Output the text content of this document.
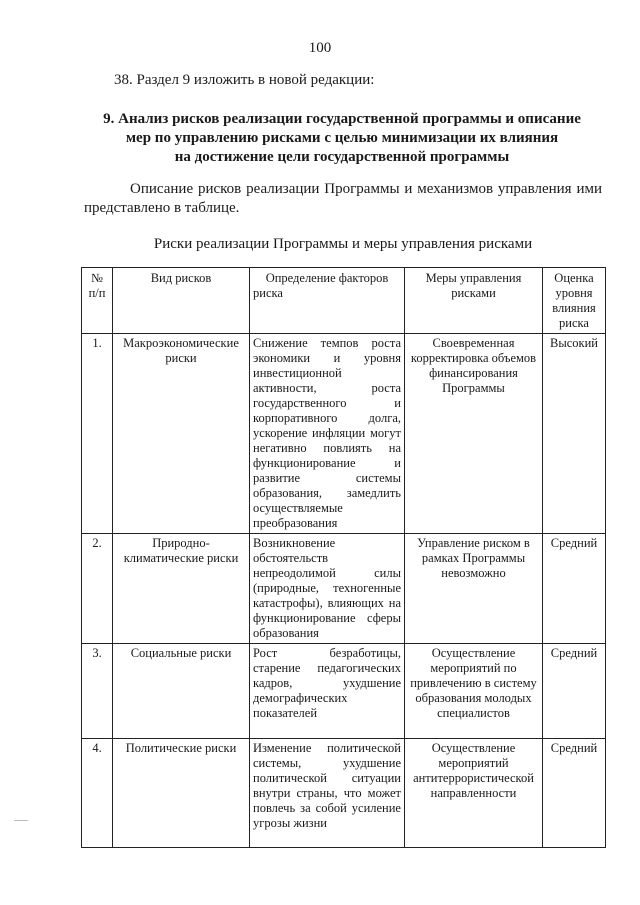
100
38. Раздел 9 изложить в новой редакции:
9. Анализ рисков реализации государственной программы и описание
мер по управлению рисками с целью минимизации их влияния
на достижение цели государственной программы
Описание рисков реализации Программы и механизмов управления ими представлено в таблице.
Риски реализации Программы и меры управления рисками
№ п/п	Вид рисков	Определение факторов риска	Меры управления рисками	Оценка уровня влияния риска
1.	Макроэкономические риски	Снижение темпов роста экономики и уровня инвестиционной активности, роста государственного и корпоративного долга, ускорение инфляции могут негативно повлиять на функционирование и развитие системы образования, замедлить осуществляемые преобразования	Своевременная корректировка объемов финансирования Программы	Высокий
2.	Природно-климатические риски	Возникновение обстоятельств непреодолимой силы (природные, техногенные катастрофы), влияющих на функционирование сферы образования	Управление риском в рамках Программы невозможно	Средний
3.	Социальные риски	Рост безработицы, старение педагогических кадров, ухудшение демографических показателей	Осуществление мероприятий по привлечению в систему образования молодых специалистов	Средний
4.	Политические риски	Изменение политической системы, ухудшение политической ситуации внутри страны, что может повлечь за собой усиление угрозы жизни	Осуществление мероприятий антитеррористической направленности	Средний
